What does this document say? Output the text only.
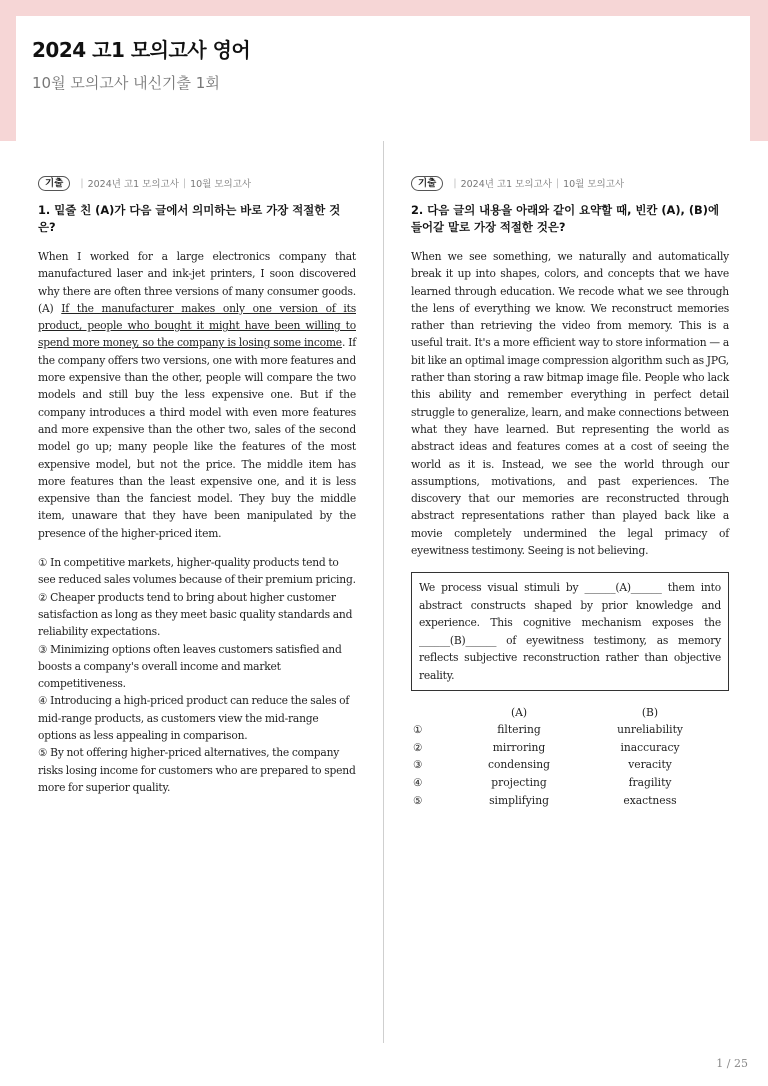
2024 고1 모의고사 영어
10월 모의고사 내신기출 1회
기출	| 2024년 고1 모의고사 | 10월 모의고사
1. 밑줄 친 (A)가 다음 글에서 의미하는 바로 가장 적절한 것은?
When I worked for a large electronics company that manufactured laser and ink-jet printers, I soon discovered why there are often three versions of many consumer goods. (A) If the manufacturer makes only one version of its product, people who bought it might have been willing to spend more money, so the company is losing some income. If the company offers two versions, one with more features and more expensive than the other, people will compare the two models and still buy the less expensive one. But if the company introduces a third model with even more features and more expensive than the other two, sales of the second model go up; many people like the features of the most expensive model, but not the price. The middle item has more features than the least expensive one, and it is less expensive than the fanciest model. They buy the middle item, unaware that they have been manipulated by the presence of the higher-priced item.
① In competitive markets, higher-quality products tend to see reduced sales volumes because of their premium pricing.
② Cheaper products tend to bring about higher customer satisfaction as long as they meet basic quality standards and reliability expectations.
③ Minimizing options often leaves customers satisfied and boosts a company's overall income and market competitiveness.
④ Introducing a high-priced product can reduce the sales of mid-range products, as customers view the mid-range options as less appealing in comparison.
⑤ By not offering higher-priced alternatives, the company risks losing income for customers who are prepared to spend more for superior quality.
기출	| 2024년 고1 모의고사 | 10월 모의고사
2. 다음 글의 내용을 아래와 같이 요약할 때, 빈칸 (A), (B)에 들어갈 말로 가장 적절한 것은?
When we see something, we naturally and automatically break it up into shapes, colors, and concepts that we have learned through education. We recode what we see through the lens of everything we know. We reconstruct memories rather than retrieving the video from memory. This is a useful trait. It's a more efficient way to store information — a bit like an optimal image compression algorithm such as JPG, rather than storing a raw bitmap image file. People who lack this ability and remember everything in perfect detail struggle to generalize, learn, and make connections between what they have learned. But representing the world as abstract ideas and features comes at a cost of seeing the world as it is. Instead, we see the world through our assumptions, motivations, and past experiences. The discovery that our memories are reconstructed through abstract representations rather than played back like a movie completely undermined the legal primacy of eyewitness testimony. Seeing is not believing.
We process visual stimuli by ______(A)______ them into abstract constructs shaped by prior knowledge and experience. This cognitive mechanism exposes the ______(B)______ of eyewitness testimony, as memory reflects subjective reconstruction rather than objective reality.
	(A)	(B)
①	filtering	unreliability
②	mirroring	inaccuracy
③	condensing	veracity
④	projecting	fragility
⑤	simplifying	exactness
1 / 25
